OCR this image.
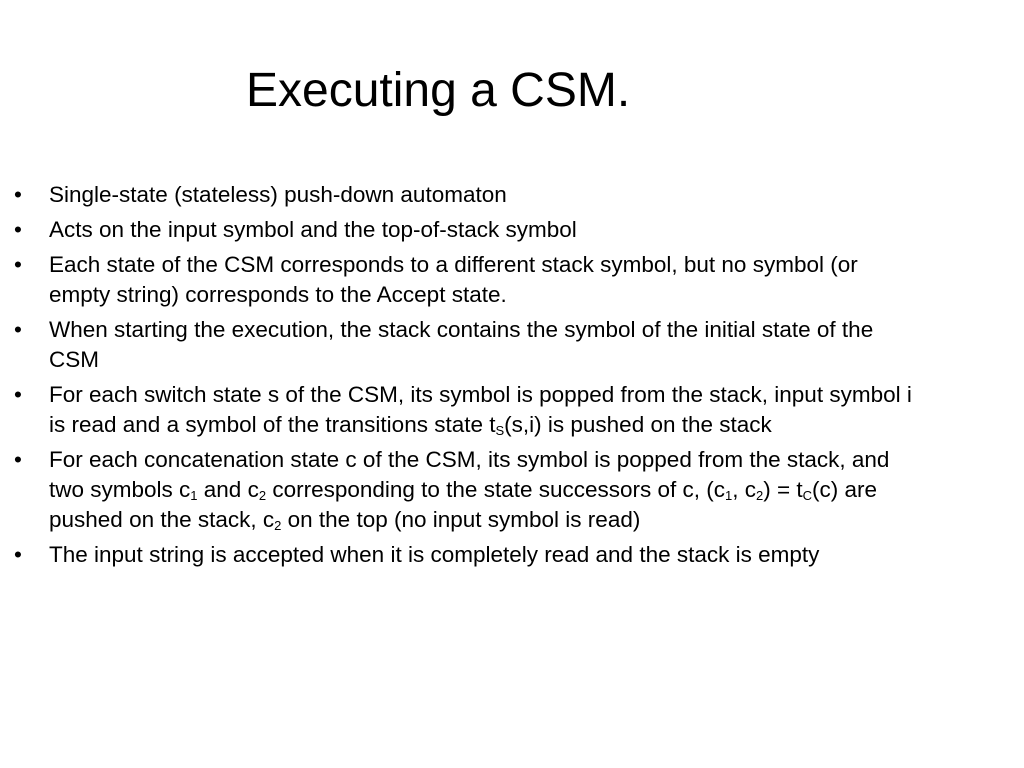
Executing a CSM.
•	Single-state (stateless) push-down automaton
•	Acts on the input symbol and the top-of-stack symbol
•	Each state of the CSM corresponds to a different stack symbol, but no symbol (or empty string) corresponds to the Accept state.
•	When starting the execution, the stack contains the symbol of the initial state of the CSM
•	For each switch state s of the CSM, its symbol is popped from the stack, input symbol i is read and a symbol of the transitions state $t_S(s,i)$ is pushed on the stack
•	For each concatenation state c of the CSM, its symbol is popped from the stack, and two symbols $c_1$ and $c_2$ corresponding to the state successors of c, ($c_1$, $c_2) = t_C(c)$ are pushed on the stack, $c_2$ on the top (no input symbol is read)
•	The input string is accepted when it is completely read and the stack is empty
